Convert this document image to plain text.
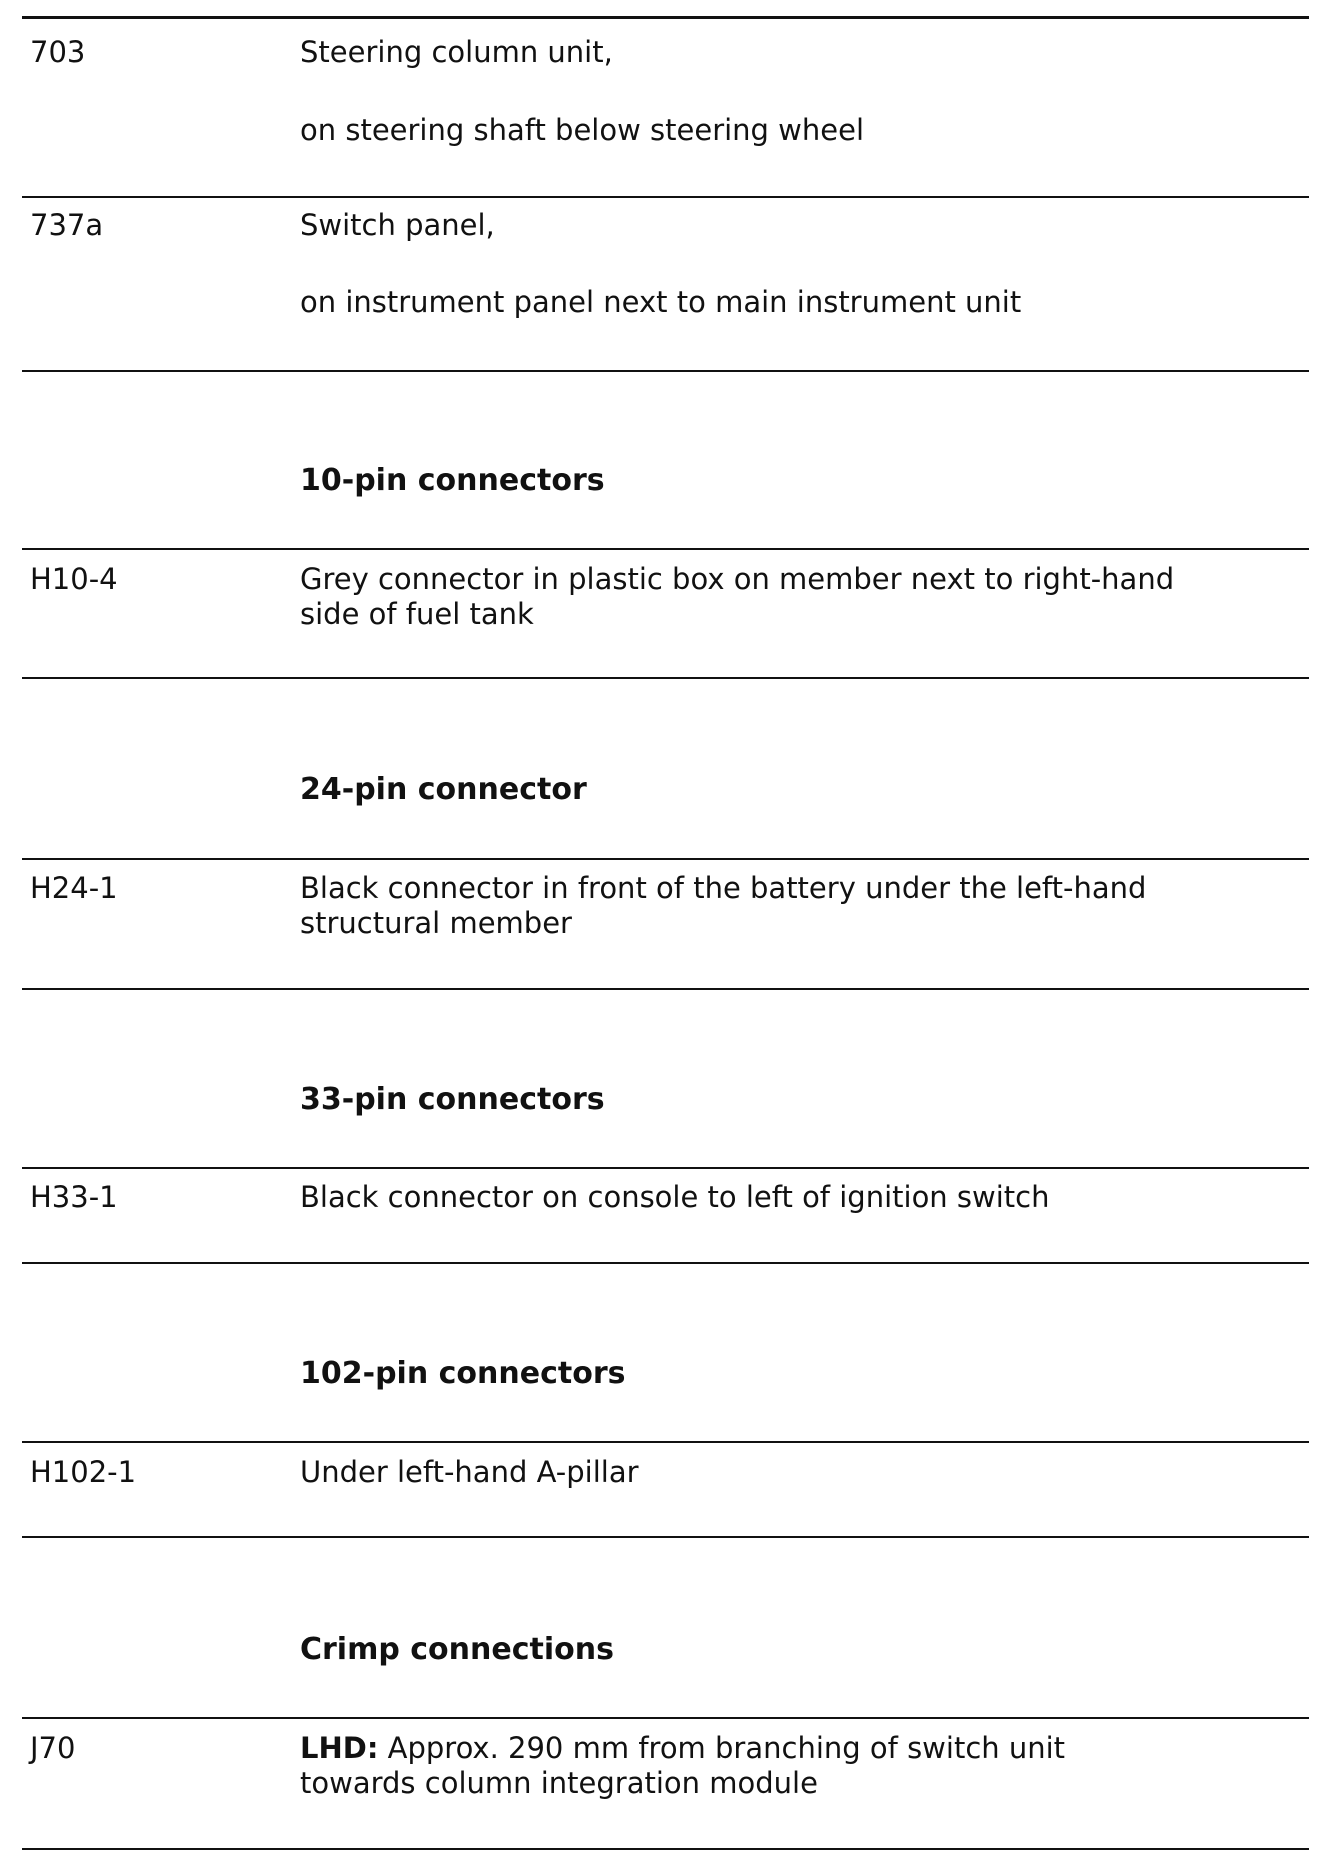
703	Steering column unit,
on steering shaft below steering wheel
737a	Switch panel,
on instrument panel next to main instrument unit
10-pin connectors
H10-4	Grey connector in plastic box on member next to right-hand side of fuel tank
24-pin connector
H24-1	Black connector in front of the battery under the left-hand structural member
33-pin connectors
H33-1	Black connector on console to left of ignition switch
102-pin connectors
H102-1	Under left-hand A-pillar
Crimp connections
J70	LHD: Approx. 290 mm from branching of switch unit towards column integration module
